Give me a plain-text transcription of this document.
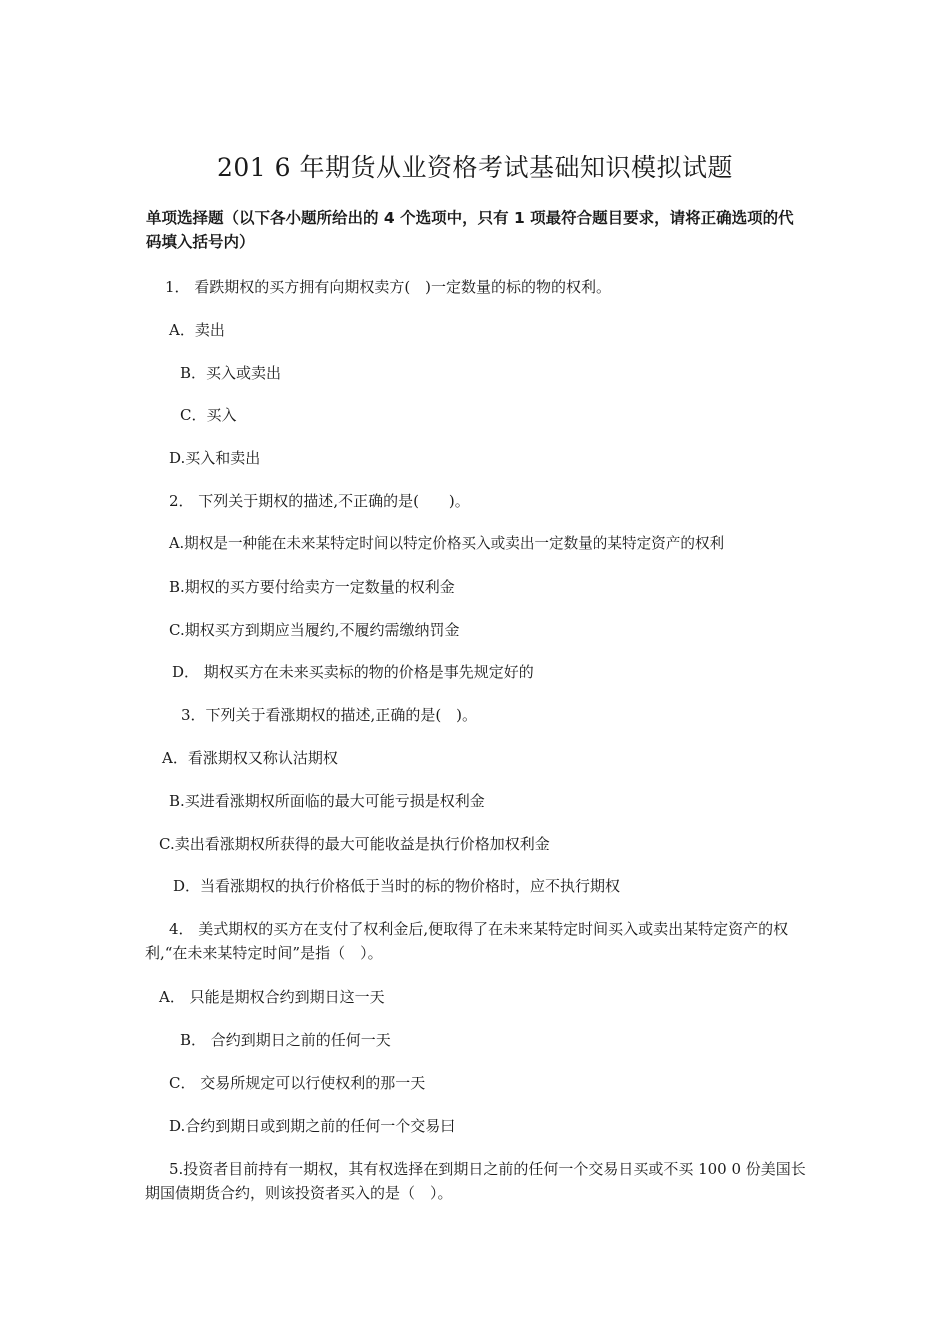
201 6 年期货从业资格考试基础知识模拟试题
单项选择题（以下各小题所给出的 4 个选项中，只有 1 项最符合题目要求，请将正确选项的代码填入括号内）
1． 看跌期权的买方拥有向期权卖方(　)一定数量的标的物的权利。
A．卖出
B．买入或卖出
C．买入
D.买入和卖出
2． 下列关于期权的描述,不正确的是(　　)。
A.期权是一种能在未来某特定时间以特定价格买入或卖出一定数量的某特定资产的权利
B.期权的买方要付给卖方一定数量的权利金
C.期权买方到期应当履约,不履约需缴纳罚金
D． 期权买方在未来买卖标的物的价格是事先规定好的
3．下列关于看涨期权的描述,正确的是(　)。
A．看涨期权又称认沽期权
B.买进看涨期权所面临的最大可能亏损是权利金
C.卖出看涨期权所获得的最大可能收益是执行价格加权利金
D．当看涨期权的执行价格低于当时的标的物价格时，应不执行期权
4． 美式期权的买方在支付了权利金后,便取得了在未来某特定时间买入或卖出某特定资产的权利,“在未来某特定时间”是指（　）。
A． 只能是期权合约到期日这一天
B． 合约到期日之前的任何一天
C． 交易所规定可以行使权利的那一天
D.合约到期日或到期之前的任何一个交易曰
5.投资者目前持有一期权，其有权选择在到期日之前的任何一个交易日买或不买 100 0 份美国长期国债期货合约，则该投资者买入的是（　）。
